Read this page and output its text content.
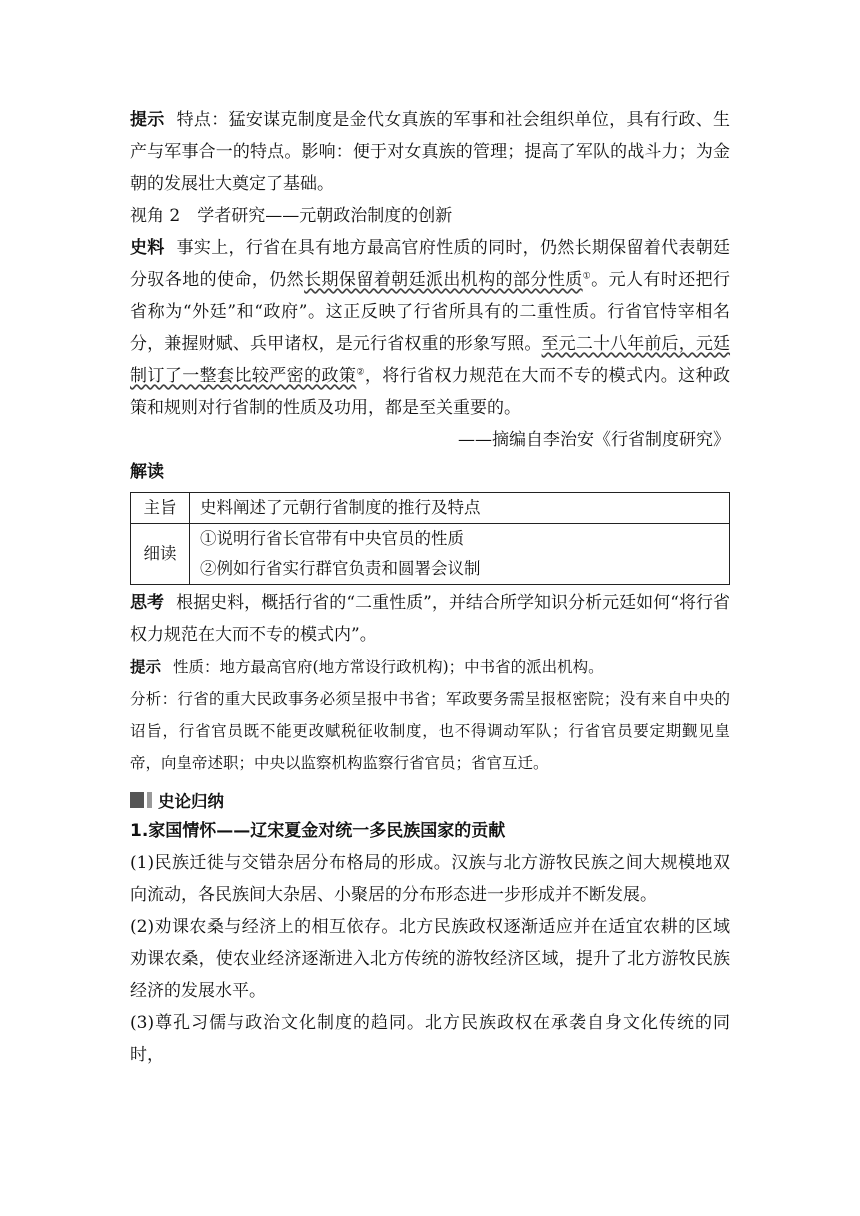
提示 特点：猛安谋克制度是金代女真族的军事和社会组织单位，具有行政、生产与军事合一的特点。影响：便于对女真族的管理；提高了军队的战斗力；为金朝的发展壮大奠定了基础。

视角 2　学者研究——元朝政治制度的创新

史料 事实上，行省在具有地方最高官府性质的同时，仍然长期保留着代表朝廷分驭各地的使命，仍然长期保留着朝廷派出机构的部分性质①。元人有时还把行省称为“外廷”和“政府”。这正反映了行省所具有的二重性质。行省官恃宰相名分，兼握财赋、兵甲诸权，是元行省权重的形象写照。至元二十八年前后，元廷制订了一整套比较严密的政策②，将行省权力规范在大而不专的模式内。这种政策和规则对行省制的性质及功用，都是至关重要的。

——摘编自李治安《行省制度研究》

解读

主旨	史料阐述了元朝行省制度的推行及特点
细读	①说明行省长官带有中央官员的性质
	②例如行省实行群官负责和圆署会议制

思考 根据史料，概括行省的“二重性质”，并结合所学知识分析元廷如何“将行省权力规范在大而不专的模式内”。

提示 性质：地方最高官府(地方常设行政机构)；中书省的派出机构。

分析：行省的重大民政事务必须呈报中书省；军政要务需呈报枢密院；没有来自中央的诏旨，行省官员既不能更改赋税征收制度，也不得调动军队；行省官员要定期觐见皇帝，向皇帝述职；中央以监察机构监察行省官员；省官互迁。

史论归纳

1.家国情怀——辽宋夏金对统一多民族国家的贡献

(1)民族迁徙与交错杂居分布格局的形成。汉族与北方游牧民族之间大规模地双向流动，各民族间大杂居、小聚居的分布形态进一步形成并不断发展。

(2)劝课农桑与经济上的相互依存。北方民族政权逐渐适应并在适宜农耕的区域劝课农桑，使农业经济逐渐进入北方传统的游牧经济区域，提升了北方游牧民族经济的发展水平。

(3)尊孔习儒与政治文化制度的趋同。北方民族政权在承袭自身文化传统的同时，
